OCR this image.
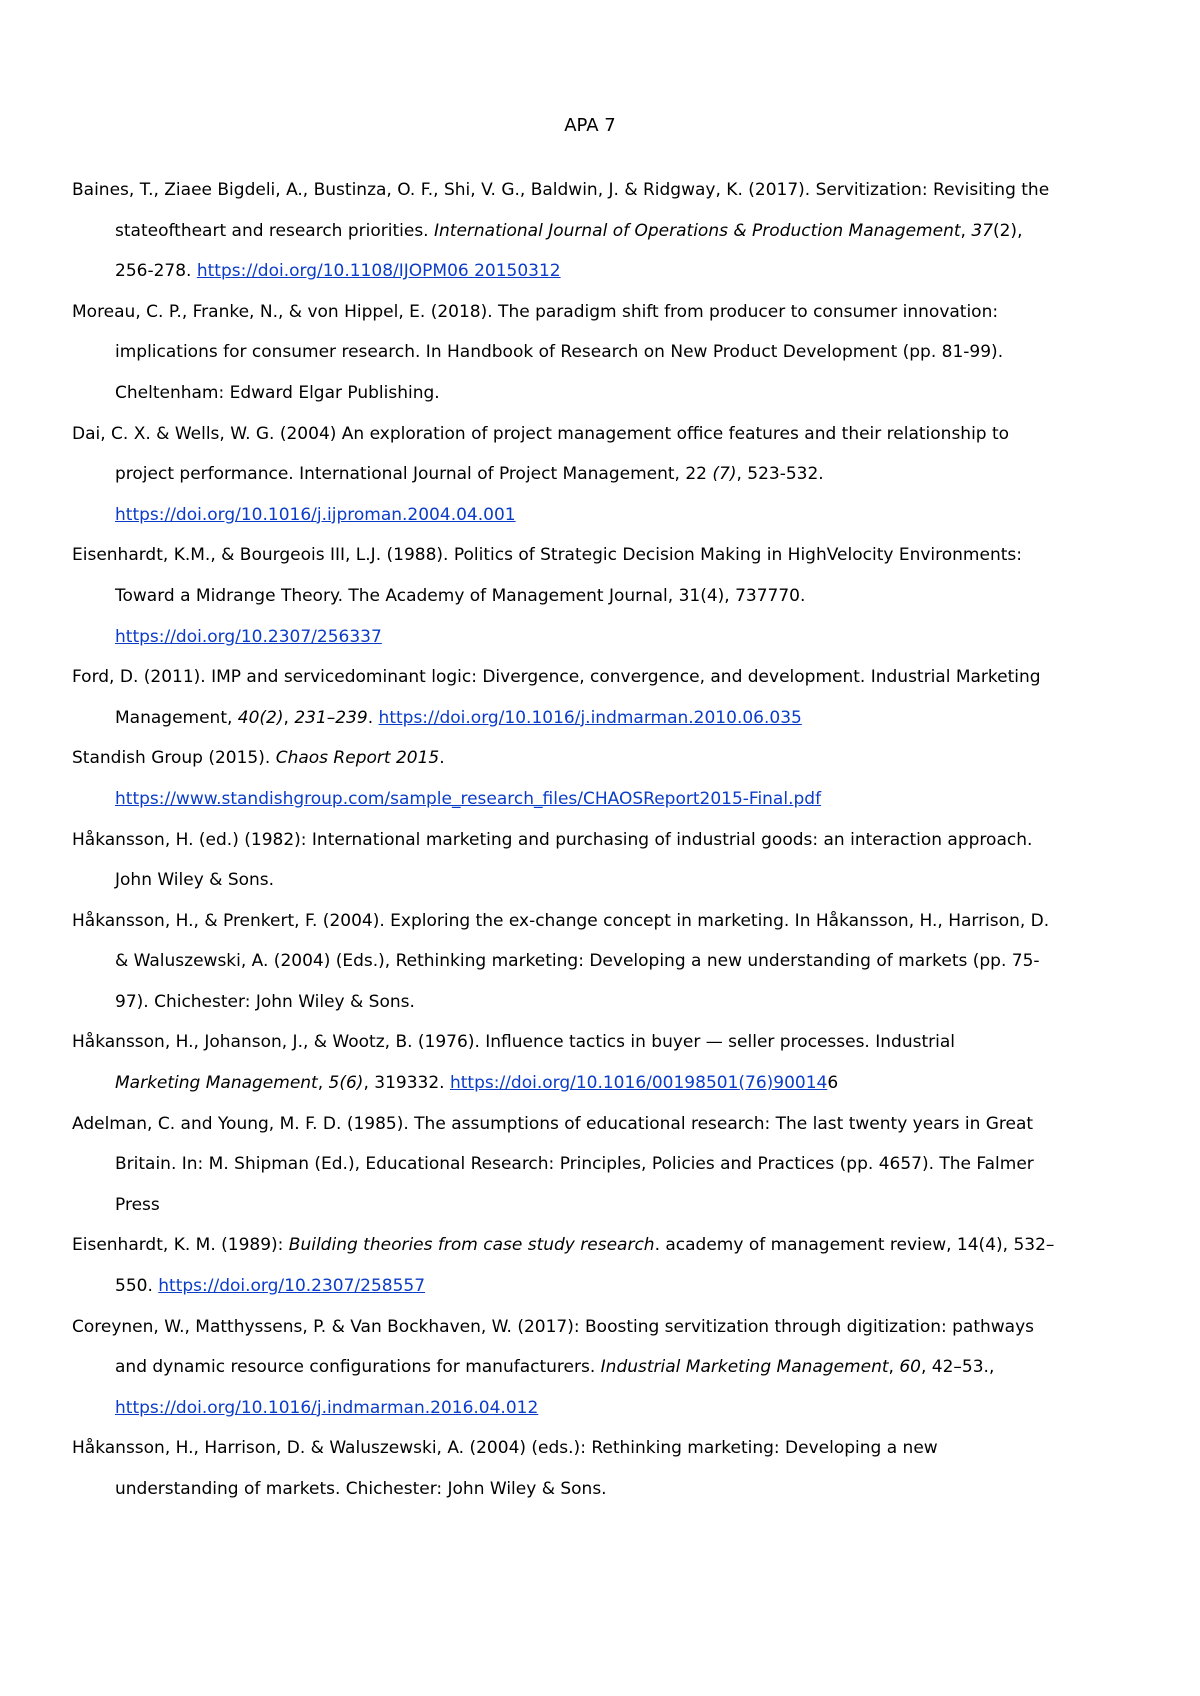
APA 7

Baines, T., Ziaee Bigdeli, A., Bustinza, O. F., Shi, V. G., Baldwin, J. & Ridgway, K. (2017). Servitization: Revisiting the
stateoftheart and research priorities. International Journal of Operations & Production Management, 37(2),
256-278. https://doi.org/10.1108/IJOPM06 20150312

Moreau, C. P., Franke, N., & von Hippel, E. (2018). The paradigm shift from producer to consumer innovation:
implications for consumer research. In Handbook of Research on New Product Development (pp. 81-99).
Cheltenham: Edward Elgar Publishing.

Dai, C. X. & Wells, W. G. (2004) An exploration of project management office features and their relationship to
project performance. International Journal of Project Management, 22 (7), 523-532.
https://doi.org/10.1016/j.ijproman.2004.04.001

Eisenhardt, K.M., & Bourgeois III, L.J. (1988). Politics of Strategic Decision Making in HighVelocity Environments:
Toward a Midrange Theory. The Academy of Management Journal, 31(4), 737770.
https://doi.org/10.2307/256337

Ford, D. (2011). IMP and servicedominant logic: Divergence, convergence, and development. Industrial Marketing
Management, 40(2), 231–239. https://doi.org/10.1016/j.indmarman.2010.06.035

Standish Group (2015). Chaos Report 2015.
https://www.standishgroup.com/sample_research_files/CHAOSReport2015-Final.pdf

Håkansson, H. (ed.) (1982): International marketing and purchasing of industrial goods: an interaction approach.
John Wiley & Sons.

Håkansson, H., & Prenkert, F. (2004). Exploring the ex-change concept in marketing. In Håkansson, H., Harrison, D.
& Waluszewski, A. (2004) (Eds.), Rethinking marketing: Developing a new understanding of markets (pp. 75-
97). Chichester: John Wiley & Sons.

Håkansson, H., Johanson, J., & Wootz, B. (1976). Influence tactics in buyer — seller processes. Industrial
Marketing Management, 5(6), 319332. https://doi.org/10.1016/00198501(76)900146

Adelman, C. and Young, M. F. D. (1985). The assumptions of educational research: The last twenty years in Great
Britain. In: M. Shipman (Ed.), Educational Research: Principles, Policies and Practices (pp. 4657). The Falmer
Press

Eisenhardt, K. M. (1989): Building theories from case study research. academy of management review, 14(4), 532–
550. https://doi.org/10.2307/258557

Coreynen, W., Matthyssens, P. & Van Bockhaven, W. (2017): Boosting servitization through digitization: pathways
and dynamic resource configurations for manufacturers. Industrial Marketing Management, 60, 42–53.,
https://doi.org/10.1016/j.indmarman.2016.04.012

Håkansson, H., Harrison, D. & Waluszewski, A. (2004) (eds.): Rethinking marketing: Developing a new
understanding of markets. Chichester: John Wiley & Sons.
